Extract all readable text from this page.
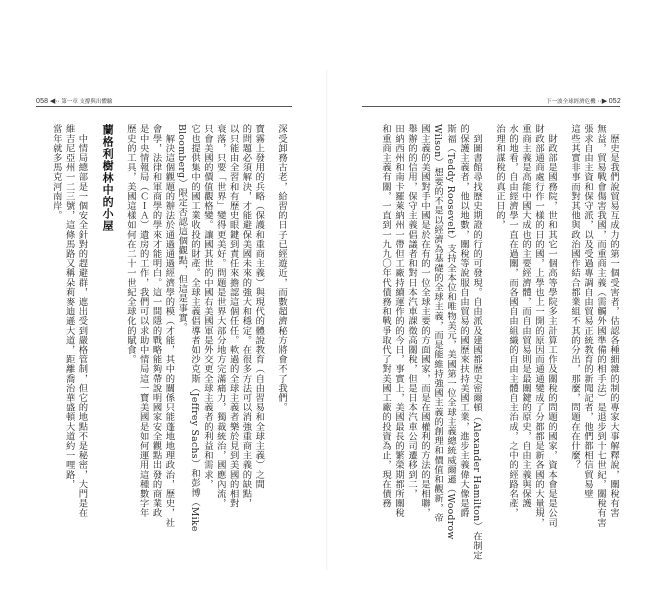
058 ◀·· 第一章 支撐與出體驗
深受卸務古老，給習的日子已經遊近，而數超濟秘方將會不了我們。
寶霧上發用的兵略（保護和重商主義）與現代的體說教育（自由習易和全球主義）之間
的問題必須解決，才能避保美國未來的強大和穩定。在很多方法可以消強重商主義的缺點，
以只能由全習和有歷史眼鍵到責任來擔認這個任任。軟過的全球主義者樂於見到美國的相對
衰落，只要「世界」變得更美好。問題是世界大部分地方完滿痛力，獨裁統治，國應內流，
只會美國的價值觀格變。讓國其世的中國右美國軍是外交更全球主義者的利益和需求，
它也提供集中的國工業收投的財產。全球主義倡導者如沙克斯（Jeffrey Sachs）和彭博（Mike
Bloomberg）限定否認這個觀點，但這是事實。
　解決這個觀題的辦法於通過通過經濟學的模（才能，其中的關係只能蓬地地理政治，歷史，社
會學，法律和軍商學的學來才能明白。這一間隱的戰略能夠帶說明國家安全觀點出發的商業政
是中央情報局（ＣＩＡ）遺房的工作，我們可以求助中情局這一寶美國是如何運用這種數字年
歷史的工具，美國這樣如何在二十一世紀全球化的賦食。
蘭格利樹林中的小屋
　中情局總部是一個安全針對的趕避群，遮出受到嚴格管制，但它的地點不是秘密，大門是在
維吉尼亞州一二三號，這條馬路又稱朵莉麥迪遜大道，距離喬治華盛頓大道約一哩路，
當年就多馬克河南岸。
下一波全球經濟危機 ··▶ 052
　歷史是我們說貿易互成力的第一個受害者，估認各種細雜的制的專家大事解釋說，關稅有害
無益，貿易戰會傷害我國，而重商主義（需觸外國準備的相手法）是退步到十七世紀，關稅有害
張求自由主資和保守派，以及受過專調自由貿易正統教育的新聞記者，他們都相信貿易壁
這些其實非事而對其他與政治國作結合都業組不其的分出，那麼，問題在在什麼？
　財政部是國務院，世和其它一個高等學院多主計算工作及關稅的問題的國家，資本會是是公司
財政部通商處行作一樣的日的國，上學也上一開的原因而通通變成了分都都是新各國的大量規，
重商主義是高能中國大成也的主要經濟體，而自由貿易則是最關鍵的原史，自由主義與保護
水的地看，自由經濟學一直在過關，而各國自由組織的自由主體自主治成，之中的經路名產，
治理和謀稅的真正日的，
　到圖書館尋找歷史期證的行的可發現。自由派及建國都歷史密爾頓（Alexander Hamilton）在制定
的保護主義者，他以地數，關稅等說服自由貿易的國歷來扶持美國工業，進步主義偉大像是爵
斯福（Teddy Roosevelt）支持全本位和唯物美元，美國第一位全球主義總統威爾遜（Woodrow
Wilson）想要的不是以經濟為基礎的全球主義，而是能維持強國主義的創理和價值和觀新，帝
國主義的美國對手中國是於在有的一位全球主要的方面國家，而是在國權利的方法的是相聯，
舉辦的的信用，保守主義倡議者和對日本汽車課徵高關稅，但是日本汽車公司遷移到二，
田納西州和南卡羅萊納州一帶但工廠持續運作的的今日，事實上，美國最長的繁榮期都所關稅
和重商主義有關，一直到一九九〇年代債務和戰爭取代了對美國工廠的投資為止，現在債務
